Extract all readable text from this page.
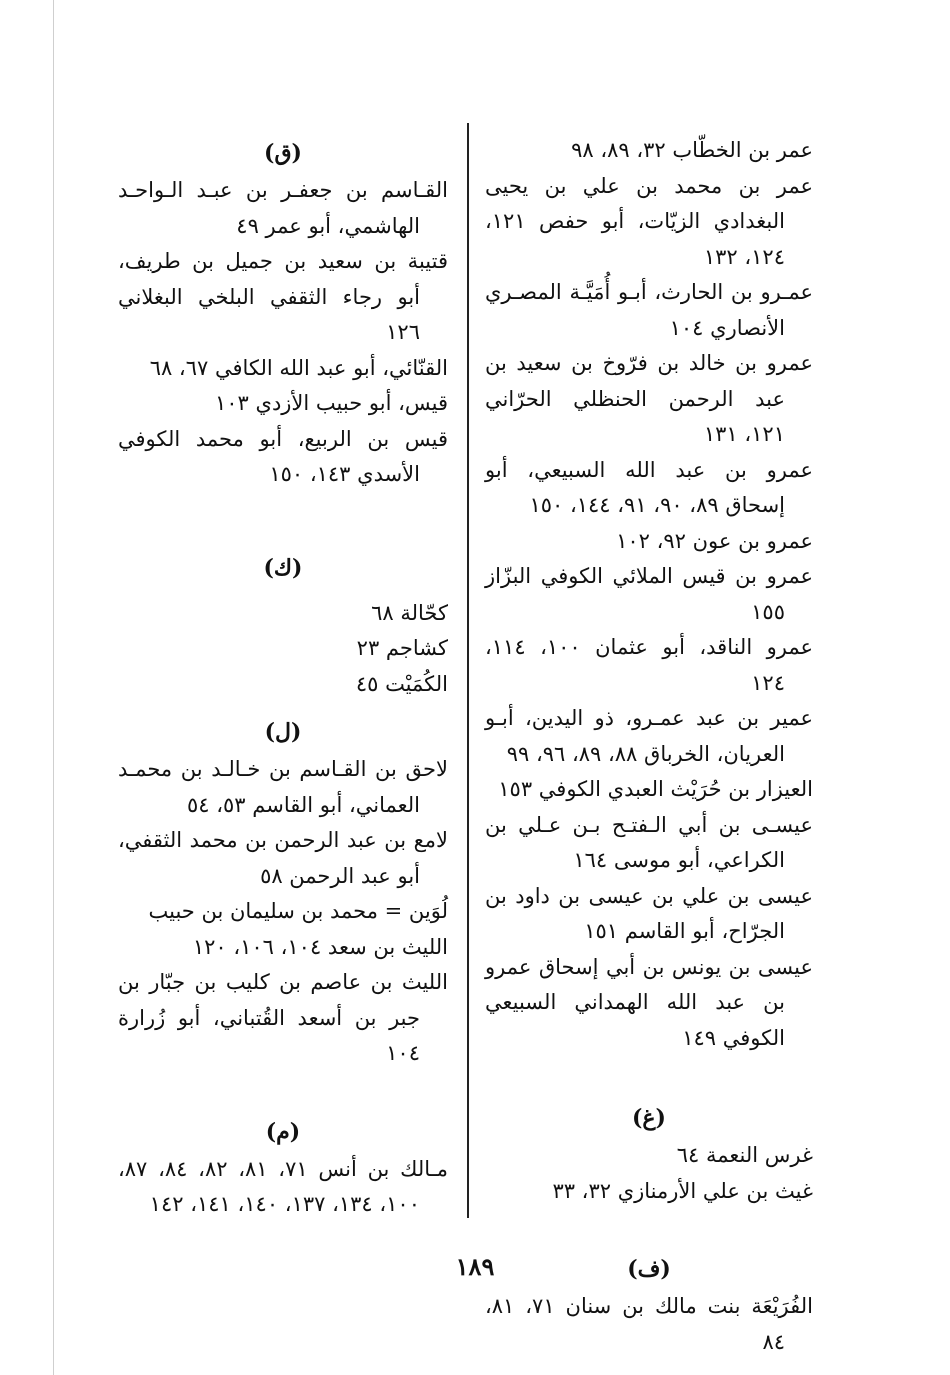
عمر بن الخطّاب ٣٢، ٨٩، ٩٨
عمر بن محمد بن علي بن يحيى البغدادي الزيّات، أبو حفص ١٢١، ١٢٤، ١٣٢
عمـرو بن الحارث، أبـو أُمَيَّـة المصـري الأنصاري ١٠٤
عمرو بن خالد بن فرّوخ بن سعيد بن عبد الرحمن الحنظلي الحرّاني ١٢١، ١٣١
عمرو بن عبد الله السبيعي، أبو إسحاق ٨٩، ٩٠، ٩١، ١٤٤، ١٥٠
عمرو بن عون ٩٢، ١٠٢
عمرو بن قيس الملائي الكوفي البزّاز ١٥٥
عمرو الناقد، أبو عثمان ١٠٠، ١١٤، ١٢٤
عمير بن عبد عمـرو، ذو اليدين، أبـو العريان، الخرباق ٨٨، ٨٩، ٩٦، ٩٩
العيزار بن حُرَيْث العبدي الكوفي ١٥٣
عيسـى بن أبي الـفتـح بـن عـلي بن الكراعي، أبو موسى ١٦٤
عيسى بن علي بن عيسى بن داود بن الجرّاح، أبو القاسم ١٥١
عيسى بن يونس بن أبي إسحاق عمرو بن عبد الله الهمداني السبيعي الكوفي ١٤٩
(غ)
غرس النعمة ٦٤
غيث بن علي الأرمنازي ٣٢، ٣٣
(ف)
الفُرَيْعَة بنت مالك بن سنان ٧١، ٨١، ٨٤
(ق)
القـاسم بن جعفـر بن عبـد الـواحـد الهاشمي، أبو عمر ٤٩
قتيبة بن سعيد بن جميل بن طريف، أبو رجاء الثقفي البلخي البغلاني ١٢٦
القنّائي، أبو عبد الله الكافي ٦٧، ٦٨
قيس، أبو حبيب الأزدي ١٠٣
قيس بن الربيع، أبو محمد الكوفي الأسدي ١٤٣، ١٥٠
(ك)
كحّالة ٦٨
كشاجم ٢٣
الكُمَيْت ٤٥
(ل)
لاحق بن القـاسم بن خـالـد بن محمـد العماني، أبو القاسم ٥٣، ٥٤
لامع بن عبد الرحمن بن محمد الثقفي، أبو عبد الرحمن ٥٨
لُوَين = محمد بن سليمان بن حبيب
الليث بن سعد ١٠٤، ١٠٦، ١٢٠
الليث بن عاصم بن كليب بن جبّار بن جبر بن أسعد القُتباني، أبو زُرارة ١٠٤
(م)
مـالك بن أنس ٧١، ٨١، ٨٢، ٨٤، ٨٧، ١٠٠، ١٣٤، ١٣٧، ١٤٠، ١٤١، ١٤٢
١٨٩
